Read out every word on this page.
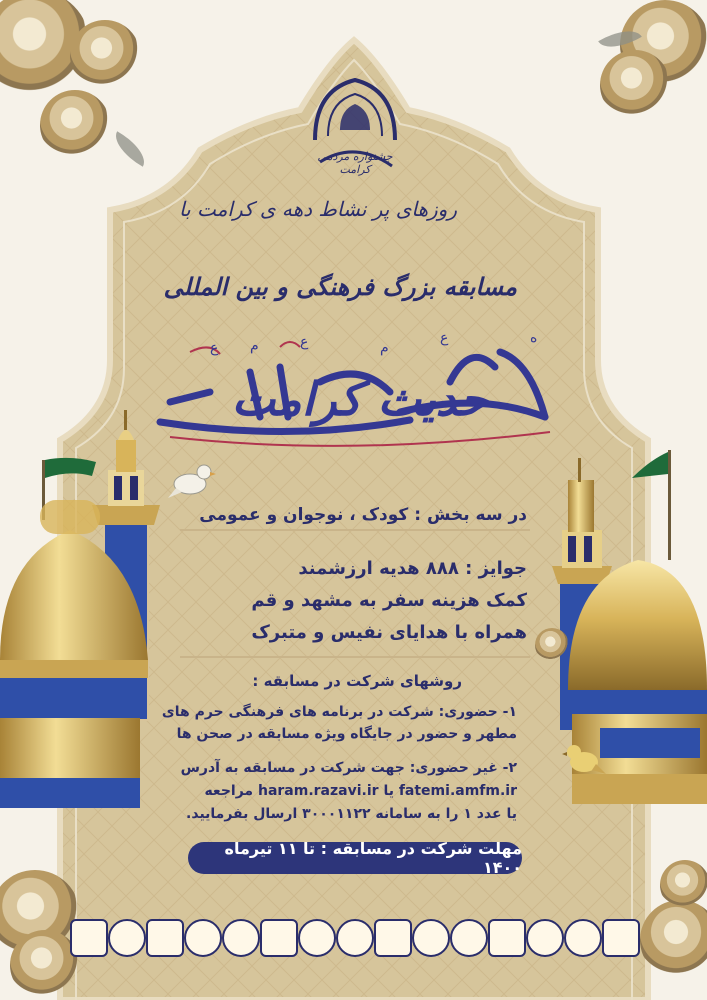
جشنواره مردمی کرامت
روزهای پر نشاط دهه ی کرامت با
مسابقه بزرگ فرهنگی و بین المللی
ع م	ع	م
ع	ه
حدیث کرامت
در سه بخش : کودک ، نوجوان و عمومی
جوایز : ۸۸۸ هدیه ارزشمند
کمک هزینه سفر به مشهد و قم
همراه با هدایای نفیس و متبرک
روشهای شرکت در مسابقه :
۱- حضوری: شرکت در برنامه های فرهنگی حرم های
مطهر و حضور در جایگاه ویژه مسابقه در صحن ها
۲- غیر حضوری: جهت شرکت در مسابقه به آدرس
fatemi.amfm.ir یا haram.razavi.ir مراجعه
یا عدد ۱ را به سامانه ۳۰۰۰۱۱۲۲ ارسال بفرمایید.
مهلت شرکت در مسابقه : تا ۱۱ تیرماه ۱۴۰۰
